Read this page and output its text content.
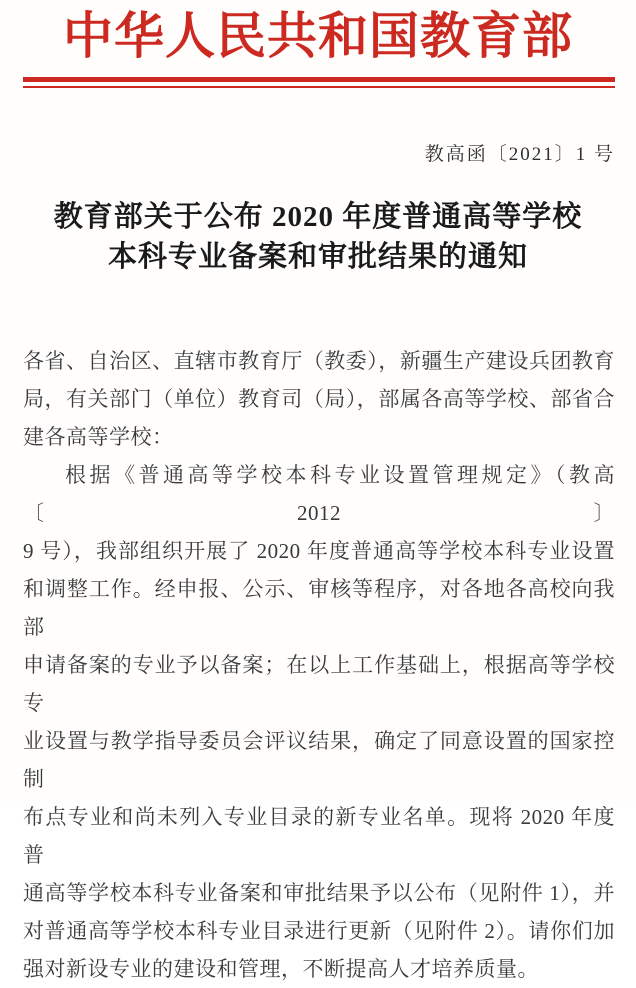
中华人民共和国教育部
教高函〔2021〕1 号
教育部关于公布 2020 年度普通高等学校
本科专业备案和审批结果的通知
各省、自治区、直辖市教育厅（教委），新疆生产建设兵团教育
局，有关部门（单位）教育司（局），部属各高等学校、部省合
建各高等学校：
根据《普通高等学校本科专业设置管理规定》（教高〔2012〕
9 号），我部组织开展了 2020 年度普通高等学校本科专业设置
和调整工作。经申报、公示、审核等程序，对各地各高校向我部
申请备案的专业予以备案；在以上工作基础上，根据高等学校专
业设置与教学指导委员会评议结果，确定了同意设置的国家控制
布点专业和尚未列入专业目录的新专业名单。现将 2020 年度普
通高等学校本科专业备案和审批结果予以公布（见附件 1），并
对普通高等学校本科专业目录进行更新（见附件 2）。请你们加
强对新设专业的建设和管理，不断提高人才培养质量。
